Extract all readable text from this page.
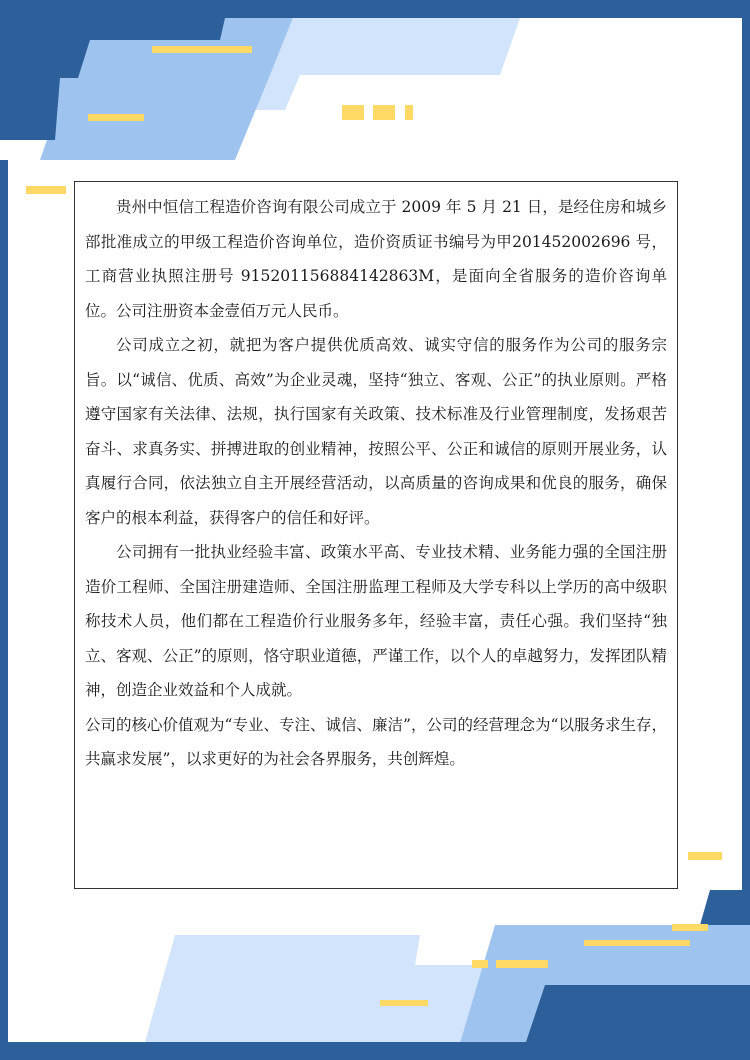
贵州中恒信工程造价咨询有限公司成立于 2009 年 5 月 21 日，是经住房和城乡部批准成立的甲级工程造价咨询单位，造价资质证书编号为甲201452002696 号，工商营业执照注册号 915201156884142863M，是面向全省服务的造价咨询单位。公司注册资本金壹佰万元人民币。

公司成立之初，就把为客户提供优质高效、诚实守信的服务作为公司的服务宗旨。以“诚信、优质、高效”为企业灵魂，坚持“独立、客观、公正”的执业原则。严格遵守国家有关法律、法规，执行国家有关政策、技术标准及行业管理制度，发扬艰苦奋斗、求真务实、拼搏进取的创业精神，按照公平、公正和诚信的原则开展业务，认真履行合同，依法独立自主开展经营活动，以高质量的咨询成果和优良的服务，确保客户的根本利益，获得客户的信任和好评。

公司拥有一批执业经验丰富、政策水平高、专业技术精、业务能力强的全国注册造价工程师、全国注册建造师、全国注册监理工程师及大学专科以上学历的高中级职称技术人员，他们都在工程造价行业服务多年，经验丰富，责任心强。我们坚持“独立、客观、公正”的原则，恪守职业道德，严谨工作，以个人的卓越努力，发挥团队精神，创造企业效益和个人成就。

公司的核心价值观为“专业、专注、诚信、廉洁”，公司的经营理念为“以服务求生存，共赢求发展”，以求更好的为社会各界服务，共创辉煌。
